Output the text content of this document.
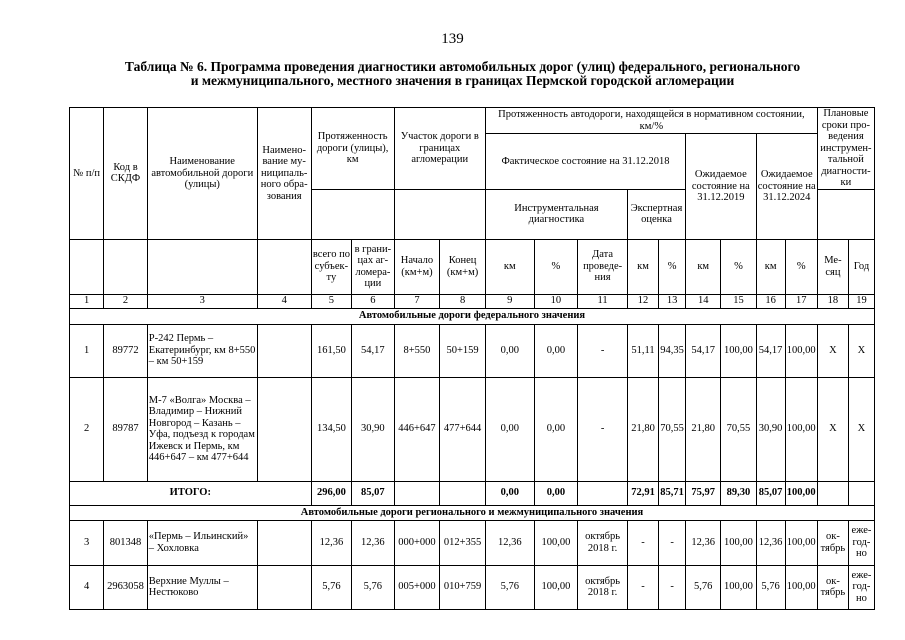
139
Таблица № 6. Программа проведения диагностики автомобильных дорог (улиц) федерального, регионального
и межмуниципального, местного значения в границах Пермской городской агломерации
№ п/п	Код в СКДФ	Наименование автомобильной дороги (улицы)	Наимено-вание му-ниципаль-ного обра-зования	Протяженность дороги (улицы), км		Участок дороги в границах агломерации		Протяженность автодороги, находящейся в нормативном состоянии, км/%									Плановые сроки про-ведения инструмен-тальной диагности-ки	
								Фактическое состояние на 31.12.2018					Ожидаемое состояние на 31.12.2019		Ожидаемое состояние на 31.12.2024			
								Инструментальная диагностика			Экспертная оценка							
				всего по субъек-ту	в грани-цах аг-ломера-ции	Начало (км+м)	Конец (км+м)	км	%	Дата проведе-ния	км	%	км	%	км	%	Ме-сяц	Год
1	2	3	4	5	6	7	8	9	10	11	12	13	14	15	16	17	18	19
Автомобильные дороги федерального значения																		
1	89772	Р-242 Пермь – Екатеринбург, км 8+550 – км 50+159		161,50	54,17	8+550	50+159	0,00	0,00	-	51,11	94,35	54,17	100,00	54,17	100,00	Х	Х
2	89787	М-7 «Волга» Москва – Владимир – Нижний Новгород – Казань – Уфа, подъезд к городам Ижевск и Пермь, км 446+647 – км 477+644		134,50	30,90	446+647	477+644	0,00	0,00	-	21,80	70,55	21,80	70,55	30,90	100,00	Х	Х
ИТОГО:				296,00	85,07			0,00	0,00		72,91	85,71	75,97	89,30	85,07	100,00		
Автомобильные дороги регионального и межмуниципального значения																		
3	801348	«Пермь – Ильинский» – Хохловка		12,36	12,36	000+000	012+355	12,36	100,00	октябрь 2018 г.	-	-	12,36	100,00	12,36	100,00	ок-тябрь	еже-год-но
4	2963058	Верхние Муллы – Нестюково		5,76	5,76	005+000	010+759	5,76	100,00	октябрь 2018 г.	-	-	5,76	100,00	5,76	100,00	ок-тябрь	еже-год-но
